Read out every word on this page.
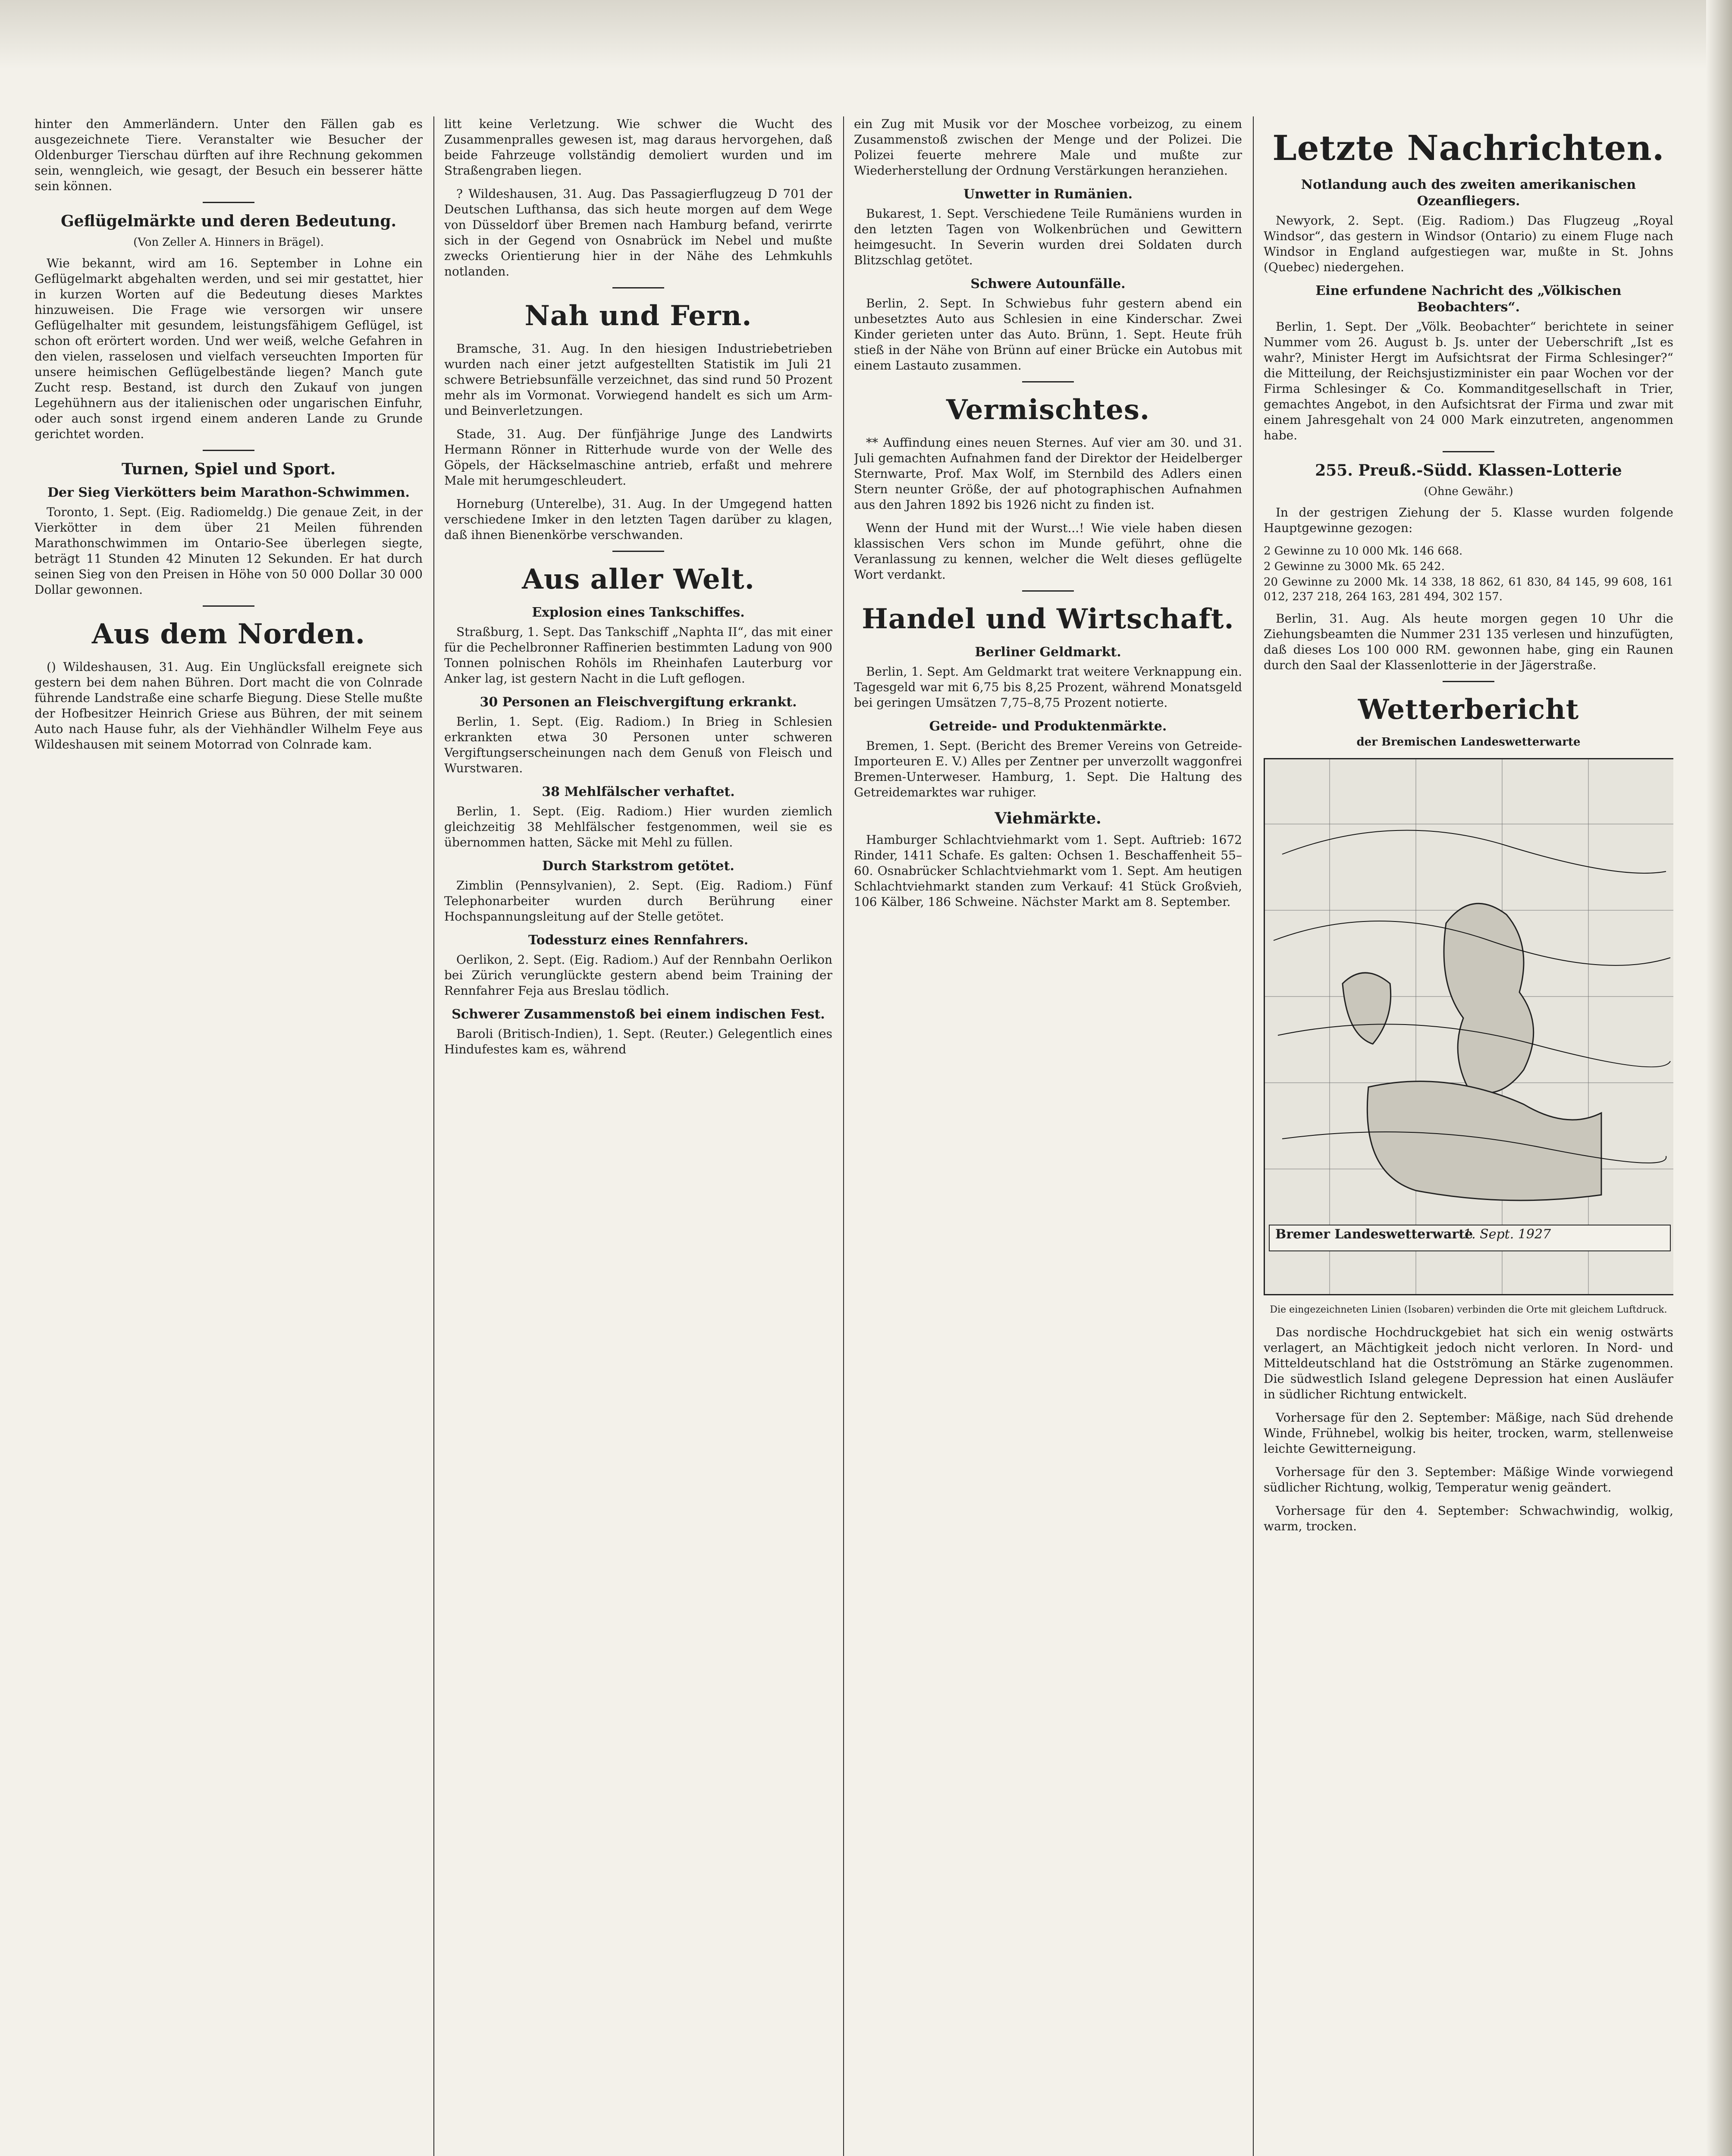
hinter den Ammerländern. Unter den Fällen gab es ausgezeichnete Tiere. Veranstalter wie Besucher der Oldenburger Tierschau dürften auf ihre Rechnung gekommen sein, wenngleich, wie gesagt, der Besuch ein besserer hätte sein können.

Geflügelmärkte und deren Bedeutung.
(Von Zeller A. Hinners in Brägel).

Wie bekannt, wird am 16. September in Lohne ein Geflügelmarkt abgehalten werden, und sei mir gestattet, hier in kurzen Worten auf die Bedeutung dieses Marktes hinzuweisen. Die Frage wie versorgen wir unsere Geflügelhalter mit gesundem, leistungsfähigem Geflügel, ist schon oft erörtert worden. Und wer weiß, welche Gefahren in den vielen, rasselosen und vielfach verseuchten Importen für unsere heimischen Geflügelbestände liegen? Manch gute Zucht resp. Bestand, ist durch den Zukauf von jungen Legehühnern aus der italienischen oder ungarischen Einfuhr, oder auch sonst irgend einem anderen Lande zu Grunde gerichtet worden.

Turnen, Spiel und Sport.
Der Sieg Vierkötters beim Marathon-Schwimmen.

Toronto, 1. Sept. (Eig. Radiomeldg.) Die genaue Zeit, in der Vierkötter in dem über 21 Meilen führenden Marathonschwimmen im Ontario-See überlegen siegte, beträgt 11 Stunden 42 Minuten 12 Sekunden. Er hat durch seinen Sieg von den Preisen in Höhe von 50 000 Dollar 30 000 Dollar gewonnen.

Aus dem Norden.

() Wildeshausen, 31. Aug. Ein Unglücksfall ereignete sich gestern bei dem nahen Bühren. Dort macht die von Colnrade führende Landstraße eine scharfe Biegung. Diese Stelle mußte der Hofbesitzer Heinrich Griese aus Bühren, der mit seinem Auto nach Hause fuhr, als der Viehhändler Wilhelm Feye aus Wildeshausen mit seinem Motorrad von Colnrade kam.

litt keine Verletzung. Wie schwer die Wucht des Zusammenpralles gewesen ist, mag daraus hervorgehen, daß beide Fahrzeuge vollständig demoliert wurden und im Straßengraben liegen.

? Wildeshausen, 31. Aug. Das Passagierflugzeug D 701 der Deutschen Lufthansa, das sich heute morgen auf dem Wege von Düsseldorf über Bremen nach Hamburg befand, verirrte sich in der Gegend von Osnabrück im Nebel und mußte zwecks Orientierung hier in der Nähe des Lehmkuhls notlanden.

Nah und Fern.

Bramsche, 31. Aug. In den hiesigen Industriebetrieben wurden nach einer jetzt aufgestellten Statistik im Juli 21 schwere Betriebsunfälle verzeichnet, das sind rund 50 Prozent mehr als im Vormonat. Vorwiegend handelt es sich um Arm- und Beinverletzungen.

Stade, 31. Aug. Der fünfjährige Junge des Landwirts Hermann Rönner in Ritterhude wurde von der Welle des Göpels, der Häckselmaschine antrieb, erfaßt und mehrere Male mit herumgeschleudert.

Horneburg (Unterelbe), 31. Aug. In der Umgegend hatten verschiedene Imker in den letzten Tagen darüber zu klagen, daß ihnen Bienenkörbe verschwanden.

Aus aller Welt.
Explosion eines Tankschiffes.

Straßburg, 1. Sept. Das Tankschiff „Naphta II“, das mit einer für die Pechelbronner Raffinerien bestimmten Ladung von 900 Tonnen polnischen Rohöls im Rheinhafen Lauterburg vor Anker lag, ist gestern Nacht in die Luft geflogen.

30 Personen an Fleischvergiftung erkrankt.

Berlin, 1. Sept. (Eig. Radiom.) In Brieg in Schlesien erkrankten etwa 30 Personen unter schweren Vergiftungserscheinungen nach dem Genuß von Fleisch und Wurstwaren.

38 Mehlfälscher verhaftet.

Berlin, 1. Sept. (Eig. Radiom.) Hier wurden ziemlich gleichzeitig 38 Mehlfälscher festgenommen, weil sie es übernommen hatten, Säcke mit Mehl zu füllen.

Durch Starkstrom getötet.

Zimblin (Pennsylvanien), 2. Sept. (Eig. Radiom.) Fünf Telephonarbeiter wurden durch Berührung einer Hochspannungsleitung auf der Stelle getötet.

Todessturz eines Rennfahrers.

Oerlikon, 2. Sept. (Eig. Radiom.) Auf der Rennbahn Oerlikon bei Zürich verunglückte gestern abend beim Training der Rennfahrer Feja aus Breslau tödlich.

Schwerer Zusammenstoß bei einem indischen Fest.

Baroli (Britisch-Indien), 1. Sept. (Reuter.) Gelegentlich eines Hindufestes kam es, während

ein Zug mit Musik vor der Moschee vorbeizog, zu einem Zusammenstoß zwischen der Menge und der Polizei. Die Polizei feuerte mehrere Male und mußte zur Wiederherstellung der Ordnung Verstärkungen heranziehen.

Unwetter in Rumänien.

Bukarest, 1. Sept. Verschiedene Teile Rumäniens wurden in den letzten Tagen von Wolkenbrüchen und Gewittern heimgesucht. In Severin wurden drei Soldaten durch Blitzschlag getötet.

Schwere Autounfälle.

Berlin, 2. Sept. In Schwiebus fuhr gestern abend ein unbesetztes Auto aus Schlesien in eine Kinderschar. Zwei Kinder gerieten unter das Auto. Brünn, 1. Sept. Heute früh stieß in der Nähe von Brünn auf einer Brücke ein Autobus mit einem Lastauto zusammen.

Vermischtes.

** Auffindung eines neuen Sternes. Auf vier am 30. und 31. Juli gemachten Aufnahmen fand der Direktor der Heidelberger Sternwarte, Prof. Max Wolf, im Sternbild des Adlers einen Stern neunter Größe, der auf photographischen Aufnahmen aus den Jahren 1892 bis 1926 nicht zu finden ist.

Wenn der Hund mit der Wurst...! Wie viele haben diesen klassischen Vers schon im Munde geführt, ohne die Veranlassung zu kennen, welcher die Welt dieses geflügelte Wort verdankt.

Handel und Wirtschaft.
Berliner Geldmarkt.

Berlin, 1. Sept. Am Geldmarkt trat weitere Verknappung ein. Tagesgeld war mit 6,75 bis 8,25 Prozent, während Monatsgeld bei geringen Umsätzen 7,75–8,75 Prozent notierte.

Getreide- und Produktenmärkte.

Bremen, 1. Sept. (Bericht des Bremer Vereins von Getreide-Importeuren E. V.) Alles per Zentner per unverzollt waggonfrei Bremen-Unterweser. Hamburg, 1. Sept. Die Haltung des Getreidemarktes war ruhiger.

Viehmärkte.

Hamburger Schlachtviehmarkt vom 1. Sept. Auftrieb: 1672 Rinder, 1411 Schafe. Es galten: Ochsen 1. Beschaffenheit 55–60. Osnabrücker Schlachtviehmarkt vom 1. Sept. Am heutigen Schlachtviehmarkt standen zum Verkauf: 41 Stück Großvieh, 106 Kälber, 186 Schweine. Nächster Markt am 8. September.

Letzte Nachrichten.
Notlandung auch des zweiten amerikanischen Ozeanfliegers.

Newyork, 2. Sept. (Eig. Radiom.) Das Flugzeug „Royal Windsor“, das gestern in Windsor (Ontario) zu einem Fluge nach Windsor in England aufgestiegen war, mußte in St. Johns (Quebec) niedergehen.

Eine erfundene Nachricht des „Völkischen Beobachters“.

Berlin, 1. Sept. Der „Völk. Beobachter“ berichtete in seiner Nummer vom 26. August b. Js. unter der Ueberschrift „Ist es wahr?, Minister Hergt im Aufsichtsrat der Firma Schlesinger?“ die Mitteilung, der Reichsjustizminister ein paar Wochen vor der Firma Schlesinger & Co. Kommanditgesellschaft in Trier, gemachtes Angebot, in den Aufsichtsrat der Firma und zwar mit einem Jahresgehalt von 24 000 Mark einzutreten, angenommen habe.

255. Preuß.-Südd. Klassen-Lotterie
(Ohne Gewähr.)

In der gestrigen Ziehung der 5. Klasse wurden folgende Hauptgewinne gezogen:

2 Gewinne zu 10 000 Mk. 146 668.
2 Gewinne zu 3000 Mk. 65 242.
20 Gewinne zu 2000 Mk. 14 338, 18 862, 61 830, 84 145, 99 608, 161 012, 237 218, 264 163, 281 494, 302 157.

Berlin, 31. Aug. Als heute morgen gegen 10 Uhr die Ziehungsbeamten die Nummer 231 135 verlesen und hinzufügten, daß dieses Los 100 000 RM. gewonnen habe, ging ein Raunen durch den Saal der Klassenlotterie in der Jägerstraße.

Wetterbericht
der Bremischen Landeswetterwarte
Bremer Landeswetterwarte
1. Sept. 1927
Die eingezeichneten Linien (Isobaren) verbinden die Orte mit gleichem Luftdruck.

Das nordische Hochdruckgebiet hat sich ein wenig ostwärts verlagert, an Mächtigkeit jedoch nicht verloren. In Nord- und Mitteldeutschland hat die Ostströmung an Stärke zugenommen. Die südwestlich Island gelegene Depression hat einen Ausläufer in südlicher Richtung entwickelt.

Vorhersage für den 2. September: Mäßige, nach Süd drehende Winde, Frühnebel, wolkig bis heiter, trocken, warm, stellenweise leichte Gewitterneigung.

Vorhersage für den 3. September: Mäßige Winde vorwiegend südlicher Richtung, wolkig, Temperatur wenig geändert.

Vorhersage für den 4. September: Schwachwindig, wolkig, warm, trocken.
